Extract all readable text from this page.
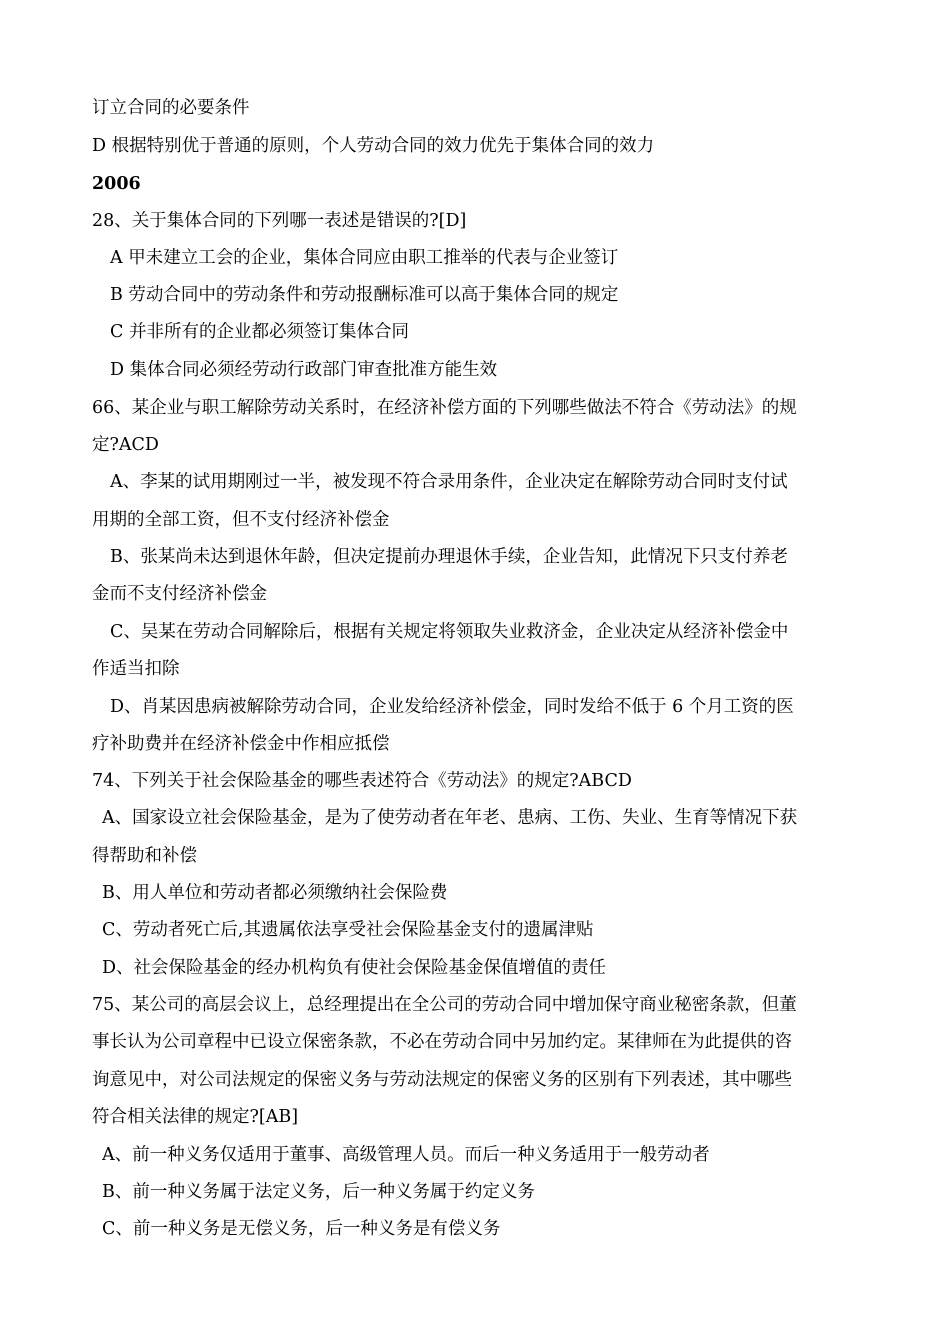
订立合同的必要条件
D 根据特别优于普通的原则，个人劳动合同的效力优先于集体合同的效力
2006
28、关于集体合同的下列哪一表述是错误的?[D]
A 甲未建立工会的企业，集体合同应由职工推举的代表与企业签订
B 劳动合同中的劳动条件和劳动报酬标准可以高于集体合同的规定
C 并非所有的企业都必须签订集体合同
D 集体合同必须经劳动行政部门审查批准方能生效
66、某企业与职工解除劳动关系时，在经济补偿方面的下列哪些做法不符合《劳动法》的规
定?ACD
A、李某的试用期刚过一半，被发现不符合录用条件，企业决定在解除劳动合同时支付试
用期的全部工资，但不支付经济补偿金
B、张某尚未达到退休年龄，但决定提前办理退休手续，企业告知，此情况下只支付养老
金而不支付经济补偿金
C、吴某在劳动合同解除后，根据有关规定将领取失业救济金，企业决定从经济补偿金中
作适当扣除
D、肖某因患病被解除劳动合同，企业发给经济补偿金，同时发给不低于 6 个月工资的医
疗补助费并在经济补偿金中作相应抵偿
74、下列关于社会保险基金的哪些表述符合《劳动法》的规定?ABCD
A、国家设立社会保险基金，是为了使劳动者在年老、患病、工伤、失业、生育等情况下获
得帮助和补偿
B、用人单位和劳动者都必须缴纳社会保险费
C、劳动者死亡后,其遗属依法享受社会保险基金支付的遗属津贴
D、社会保险基金的经办机构负有使社会保险基金保值增值的责任
75、某公司的高层会议上，总经理提出在全公司的劳动合同中增加保守商业秘密条款，但董
事长认为公司章程中已设立保密条款，不必在劳动合同中另加约定。某律师在为此提供的咨
询意见中，对公司法规定的保密义务与劳动法规定的保密义务的区别有下列表述，其中哪些
符合相关法律的规定?[AB]
A、前一种义务仅适用于董事、高级管理人员。而后一种义务适用于一般劳动者
B、前一种义务属于法定义务，后一种义务属于约定义务
C、前一种义务是无偿义务，后一种义务是有偿义务
